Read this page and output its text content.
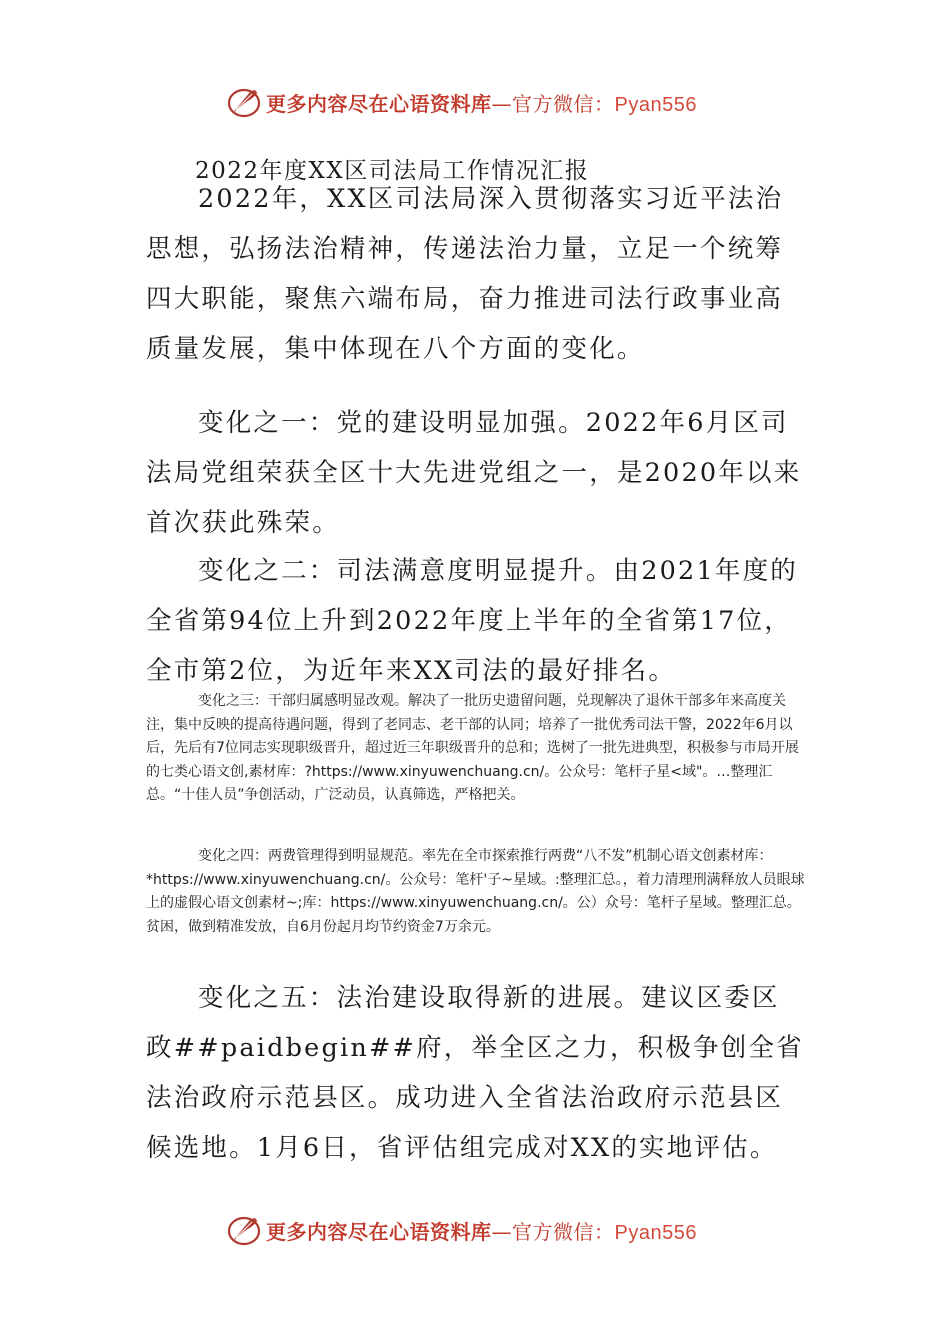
更多内容尽在心语资料库—官方微信：Pyan556
2022年度XX区司法局工作情况汇报

2022年，XX区司法局深入贯彻落实习近平法治思想，弘扬法治精神，传递法治力量，立足一个统筹四大职能，聚焦六端布局，奋力推进司法行政事业高质量发展，集中体现在八个方面的变化。

变化之一：党的建设明显加强。2022年6月区司法局党组荣获全区十大先进党组之一，是2020年以来首次获此殊荣。

变化之二：司法满意度明显提升。由2021年度的全省第94位上升到2022年度上半年的全省第17位，全市第2位，为近年来XX司法的最好排名。

变化之三：干部归属感明显改观。解决了一批历史遗留问题，兑现解决了退休干部多年来高度关注，集中反映的提高待遇问题，得到了老同志、老干部的认同；培养了一批优秀司法干警，2022年6月以后，先后有7位同志实现职级晋升，超过近三年职级晋升的总和；选树了一批先进典型，积极参与市局开展的七类心语文创,素材库：?https://www.xinyuwenchuang.cn/。公众号：笔杆子星<域"。…整理汇总。“十佳人员”争创活动，广泛动员，认真筛选，严格把关。

变化之四：两费管理得到明显规范。率先在全市探索推行两费“八不发”机制心语文创素材库：*https://www.xinyuwenchuang.cn/。公众号：笔杆'子~星域。:整理汇总。，着力清理刑满释放人员眼球上的虚假心语文创素材~;库：https://www.xinyuwenchuang.cn/。公）众号：笔杆子星域。整理汇总。贫困，做到精准发放，自6月份起月均节约资金7万余元。

变化之五：法治建设取得新的进展。建议区委区政##paidbegin##府，举全区之力，积极争创全省法治政府示范县区。成功进入全省法治政府示范县区候选地。1月6日，省评估组完成对XX的实地评估。

更多内容尽在心语资料库—官方微信：Pyan556
